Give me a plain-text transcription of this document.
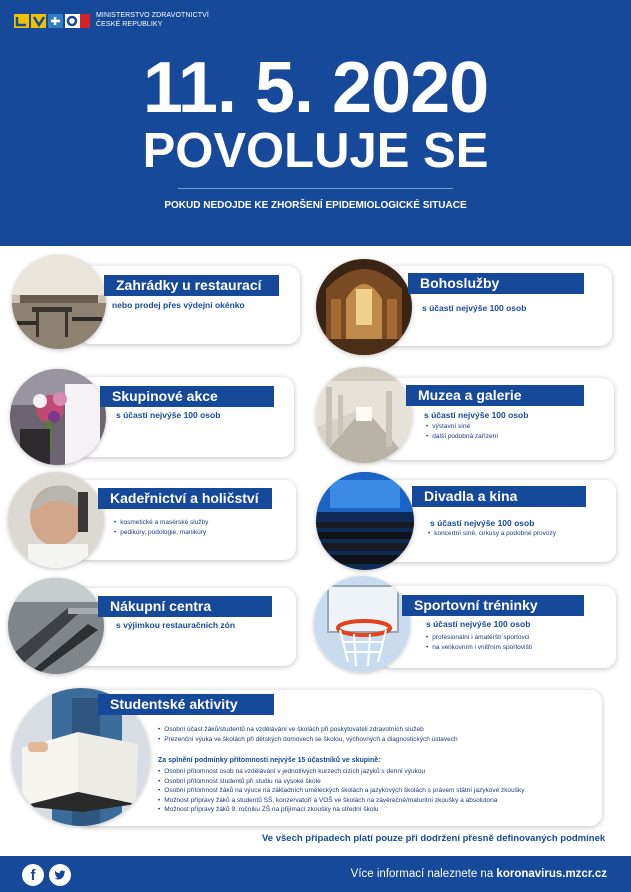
MINISTERSTVO ZDRAVOTNICTVÍ
ČESKÉ REPUBLIKY
11. 5. 2020
POVOLUJE SE
POKUD NEDOJDE KE ZHORŠENÍ EPIDEMIOLOGICKÉ SITUACE
Zahrádky u restaurací
nebo prodej přes výdejní okénko
Bohoslužby
s účastí nejvýše 100 osob
Skupinové akce
s účastí nejvýše 100 osob
Muzea a galerie
s účastí nejvýše 100 osob
• výstavní síně
• další podobná zařízení
Kadeřnictví a holičství
• kosmetické a masérské služby
• pedikúry, podologie, manikúry
Divadla a kina
s účastí nejvýše 100 osob
• koncertní síně, cirkusy a podobné provozy
Nákupní centra
s výjimkou restauračních zón
Sportovní tréninky
s účastí nejvýše 100 osob
• profesionální i amatérští sportovci
• na venkovním i vnitřním sportovišti
Studentské aktivity
• Osobní účast žáků/studentů na vzdělávání ve školách při poskytovateli zdravotních služeb
• Prezenční výuka ve školách při dětských domovech se školou, výchovných a diagnostických ústavech
Za splnění podmínky přítomnosti nejvýše 15 účastníků ve skupině:
• Osobní přítomnost osob na vzdělávání v jednotlivých kurzech cizích jazyků s denní výukou
• Osobní přítomnost studentů při studiu na vysoké škole
• Osobní přítomnost žáků na výuce na základních uměleckých školách a jazykových školách s právem státní jazykové zkoušky
• Možnost přípravy žáků a studentů SŠ, konzervatoří a VOŠ ve školách na závěrečné/maturitní zkoušky a absolutoria
• Možnost přípravy žáků 9. ročníku ZŠ na přijímací zkoušky na střední školu
Ve všech případech platí pouze při dodržení přesně definovaných podmínek
f	Více informací naleznete na koronavirus.mzcr.cz
